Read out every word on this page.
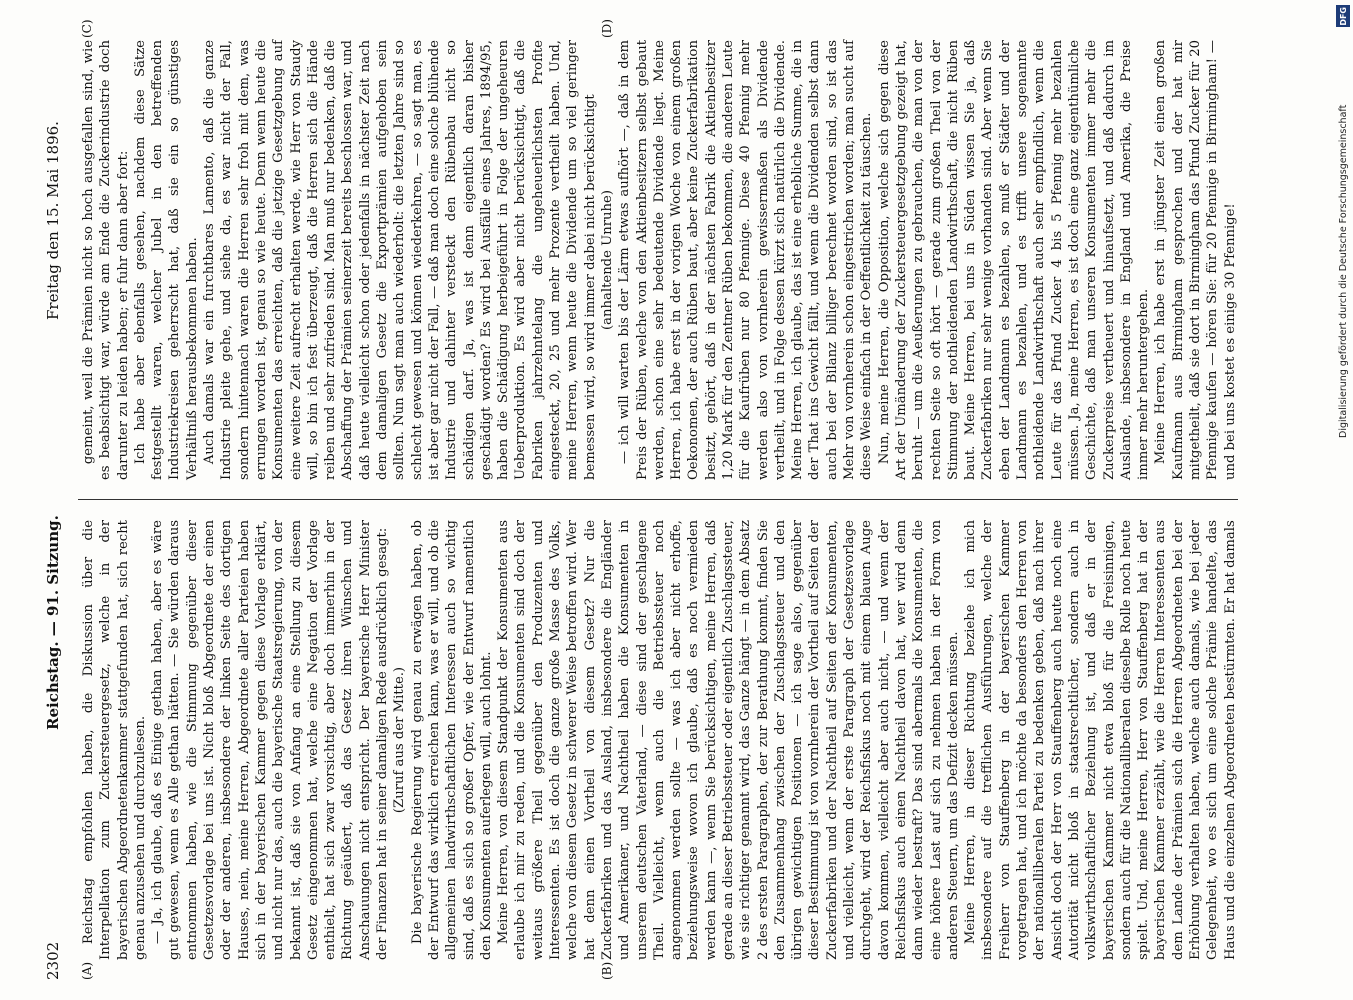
2302
Reichstag. — 91. Sitzung.
Freitag den 15. Mai 1896.
(A)	(B)
(C)	(D)

Reichstag empfohlen haben, die Diskussion über die Interpellation zum Zuckersteuergesetz, welche in der bayerischen Abgeordnetenkammer stattgefunden hat, sich recht genau anzusehen und durchzulesen. — Ja, ich glaube, daß es Einige gethan haben, aber es wäre gut gewesen, wenn es Alle gethan hätten. — Sie würden daraus entnommen haben, wie die Stimmung gegenüber dieser Gesetzesvorlage bei uns ist. Nicht bloß Abgeordnete der einen oder der anderen, insbesondere der linken Seite des dortigen Hauses, nein, meine Herren, Abgeordnete aller Parteien haben sich in der bayerischen Kammer gegen diese Vorlage erklärt, und nicht nur das, auch die bayerische Staatsregierung, von der bekannt ist, daß sie von Anfang an eine Stellung zu diesem Gesetz eingenommen hat, welche eine Negation der Vorlage enthielt, hat sich zwar vorsichtig, aber doch immerhin in der Richtung geäußert, daß das Gesetz ihren Wünschen und Anschauungen nicht entspricht. Der bayerische Herr Minister der Finanzen hat in seiner damaligen Rede ausdrücklich gesagt: (Zuruf aus der Mitte.) Die bayerische Regierung wird genau zu erwägen haben, ob der Entwurf das wirklich erreichen kann, was er will, und ob die allgemeinen landwirthschaftlichen Interessen auch so wichtig sind, daß es sich so großer Opfer, wie der Entwurf namentlich den Konsumenten auferlegen will, auch lohnt. Meine Herren, von diesem Standpunkt der Konsumenten aus erlaube ich mir zu reden, und die Konsumenten sind doch der weitaus größere Theil gegenüber den Produzenten und Interessenten. Es ist doch die ganze große Masse des Volks, welche von diesem Gesetz in schwerer Weise betroffen wird. Wer hat denn einen Vortheil von diesem Gesetz? Nur die Zuckerfabriken und das Ausland, insbesondere die Engländer und Amerikaner, und Nachtheil haben die Konsumenten in unserem deutschen Vaterland, — diese sind der geschlagene Theil. Vielleicht, wenn auch die Betriebssteuer noch angenommen werden sollte — was ich aber nicht erhoffe, beziehungsweise wovon ich glaube, daß es noch vermieden werden kann —, wenn Sie berücksichtigen, meine Herren, daß gerade an dieser Betriebssteuer oder eigentlich Zuschlagssteuer, wie sie richtiger genannt wird, das Ganze hängt — in dem Absatz 2 des ersten Paragraphen, der zur Berathung kommt, finden Sie den Zusammenhang zwischen der Zuschlagssteuer und den übrigen gewichtigen Positionen — ich sage also, gegenüber dieser Bestimmung ist von vornherein der Vortheil auf Seiten der Zuckerfabriken und der Nachtheil auf Seiten der Konsumenten, und vielleicht, wenn der erste Paragraph der Gesetzesvorlage durchgeht, wird der Reichsfiskus noch mit einem blauen Auge davon kommen, vielleicht aber auch nicht, — und wenn der Reichsfiskus auch einen Nachtheil davon hat, wer wird denn dann wieder bestraft? Das sind abermals die Konsumenten, die eine höhere Last auf sich zu nehmen haben in der Form von anderen Steuern, um das Defizit decken müssen. Meine Herren, in dieser Richtung beziehe ich mich insbesondere auf die trefflichen Ausführungen, welche der Freiherr von Stauffenberg in der bayerischen Kammer vorgetragen hat, und ich möchte da besonders den Herren von der nationalliberalen Partei zu bedenken geben, daß nach ihrer Ansicht doch der Herr von Stauffenberg auch heute noch eine Autorität nicht bloß in staatsrechtlicher, sondern auch in volkswirthschaftlicher Beziehung ist, und daß er in der bayerischen Kammer nicht etwa bloß für die Freisinnigen, sondern auch für die Nationalliberalen dieselbe Rolle noch heute spielt. Und, meine Herren, Herr von Stauffenberg hat in der bayerischen Kammer erzählt, wie die Herren Interessenten aus dem Lande der Prämien sich die Herren Abgeordneten bei der Erhöhung verhalten haben, welche auch damals, wie bei jeder Gelegenheit, wo es sich um eine solche Prämie handelte, das Haus und die einzelnen Abgeordneten bestürmten. Er hat damals

gemeint, weil die Prämien nicht so hoch ausgefallen sind, wie es beabsichtigt war, würde am Ende die Zuckerindustrie doch darunter zu leiden haben; er fuhr dann aber fort: Ich habe aber ebenfalls gesehen, nachdem diese Sätze festgestellt waren, welcher Jubel in den betreffenden Industriekreisen geherrscht hat, daß sie ein so günstiges Verhältniß herausbekommen haben. Auch damals war ein furchtbares Lamento, daß die ganze Industrie pleite gehe, und siehe da, es war nicht der Fall, sondern hintennach waren die Herren sehr froh mit dem, was errungen worden ist, genau so wie heute. Denn wenn heute die Konsumenten das erreichten, daß die jetzige Gesetzgebung auf eine weitere Zeit aufrecht erhalten werde, wie Herr von Staudy will, so bin ich fest überzeugt, daß die Herren sich die Hände reiben und sehr zufrieden sind. Man muß nur bedenken, daß die Abschaffung der Prämien seinerzeit bereits beschlossen war, und daß heute vielleicht schon oder jedenfalls in nächster Zeit nach dem damaligen Gesetz die Exportprämien aufgehoben sein sollten. Nun sagt man auch wiederholt: die letzten Jahre sind so schlecht gewesen und können wiederkehren, — so sagt man, es ist aber gar nicht der Fall, — daß man doch eine solche blühende Industrie und dahinter versteckt den Rübenbau nicht so schädigen darf. Ja, was ist denn eigentlich daran bisher geschädigt worden? Es wird bei Ausfälle eines Jahres, 1894/95, haben die Schädigung herbeigeführt in Folge der ungeheuren Ueberproduktion. Es wird aber nicht berücksichtigt, daß die Fabriken jahrzehntelang die ungeheuerlichsten Profite eingesteckt, 20, 25 und mehr Prozente vertheilt haben. Und, meine Herren, wenn heute die Dividende um so viel geringer bemessen wird, so wird immer dabei nicht berücksichtigt (anhaltende Unruhe) — ich will warten bis der Lärm etwas aufhört —, daß in dem Preis der Rüben, welche von den Aktienbesitzern selbst gebaut werden, schon eine sehr bedeutende Dividende liegt. Meine Herren, ich habe erst in der vorigen Woche von einem großen Oekonomen, der auch Rüben baut, aber keine Zuckerfabrikation besitzt, gehört, daß in der nächsten Fabrik die Aktienbesitzer 1,20 Mark für den Zentner Rüben bekommen, die anderen Leute für die Kaufrüben nur 80 Pfennige. Diese 40 Pfennig mehr werden also von vornherein gewissermaßen als Dividende vertheilt, und in Folge dessen kürzt sich natürlich die Dividende. Meine Herren, ich glaube, das ist eine erhebliche Summe, die in der That ins Gewicht fällt, und wenn die Dividenden selbst dann auch bei der Bilanz billiger berechnet worden sind, so ist das Mehr von vornherein schon eingestrichen worden; man sucht auf diese Weise einfach in der Oeffentlichkeit zu täuschen. Nun, meine Herren, die Opposition, welche sich gegen diese Art der Umänderung der Zuckersteuergesetzgebung gezeigt hat, beruht — um die Aeußerungen zu gebrauchen, die man von der rechten Seite so oft hört — gerade zum großen Theil von der Stimmung der nothleidenden Landwirthschaft, die nicht Rüben baut. Meine Herren, bei uns in Süden wissen Sie ja, daß Zuckerfabriken nur sehr wenige vorhanden sind. Aber wenn Sie eben der Landmann es bezahlen, so muß er Städter und der Landmann es bezahlen, und es trifft unsere sogenannte nothleidende Landwirthschaft auch sehr empfindlich, wenn die Leute für das Pfund Zucker 4 bis 5 Pfennig mehr bezahlen müssen. Ja, meine Herren, es ist doch eine ganz eigenthümliche Geschichte, daß man unseren Konsumenten immer mehr die Zuckerpreise vertheuert und hinaufsetzt, und daß dadurch im Auslande, insbesondere in England und Amerika, die Preise immer mehr heruntergehen. Meine Herren, ich habe erst in jüngster Zeit einen großen Kaufmann aus Birmingham gesprochen und der hat mir mitgetheilt, daß sie dort in Birmingham das Pfund Zucker für 20 Pfennige kaufen — hören Sie: für 20 Pfennige in Birmingham! — und bei uns kostet es einige 30 Pfennige!

DFG
Digitalisierung gefördert durch die Deutsche Forschungsgemeinschaft
